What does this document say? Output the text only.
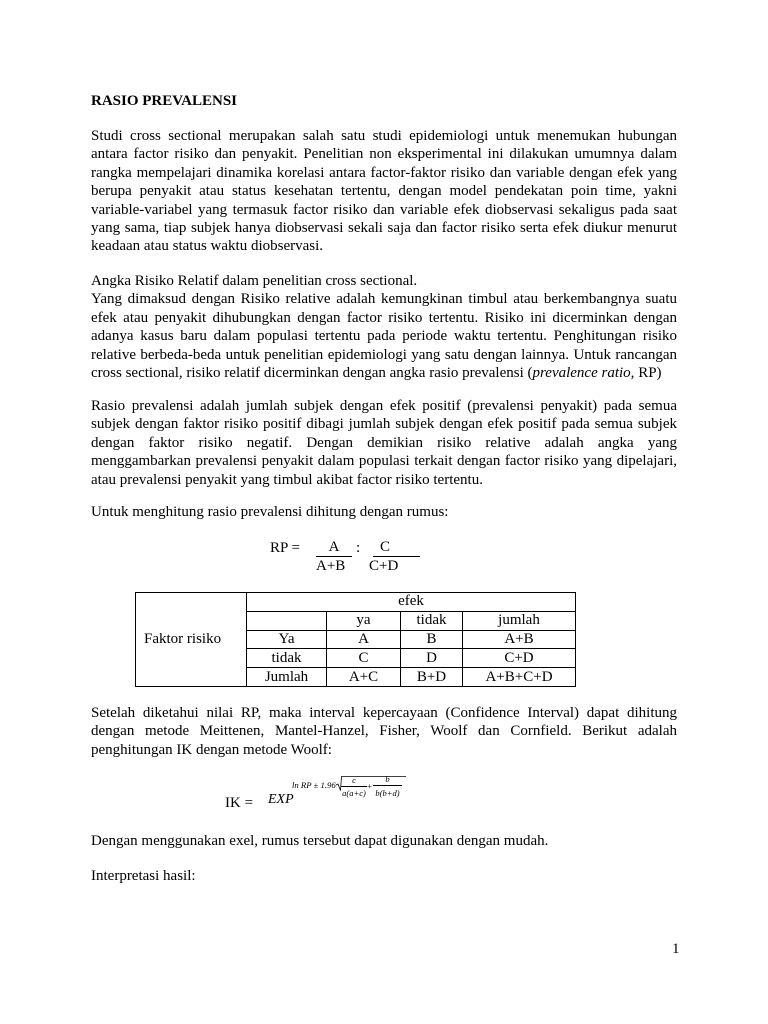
RASIO PREVALENSI
Studi cross sectional merupakan salah satu studi epidemiologi untuk menemukan hubungan
antara factor risiko dan penyakit. Penelitian non eksperimental ini dilakukan umumnya dalam
rangka mempelajari dinamika korelasi antara factor-faktor risiko dan variable dengan efek yang
berupa penyakit atau status kesehatan tertentu, dengan model pendekatan poin time, yakni
variable-variabel yang termasuk factor risiko dan variable efek diobservasi sekaligus pada saat
yang sama, tiap subjek hanya diobservasi sekali saja dan factor risiko serta efek diukur menurut
keadaan atau status waktu diobservasi.
Angka Risiko Relatif dalam penelitian cross sectional.
Yang dimaksud dengan Risiko relative adalah kemungkinan timbul atau berkembangnya suatu
efek atau penyakit dihubungkan dengan factor risiko tertentu. Risiko ini dicerminkan dengan
adanya kasus baru dalam populasi tertentu pada periode waktu tertentu. Penghitungan risiko
relative berbeda-beda untuk penelitian epidemiologi yang satu dengan lainnya. Untuk rancangan
cross sectional, risiko relatif dicerminkan dengan angka rasio prevalensi (prevalence ratio, RP)
Rasio prevalensi adalah jumlah subjek dengan efek positif (prevalensi penyakit) pada semua
subjek dengan faktor risiko positif dibagi jumlah subjek dengan efek positif pada semua subjek
dengan faktor risiko negatif. Dengan demikian risiko relative adalah angka yang
menggambarkan prevalensi penyakit dalam populasi terkait dengan factor risiko yang dipelajari,
atau prevalensi penyakit yang timbul akibat factor risiko tertentu.
Untuk menghitung rasio prevalensi dihitung dengan rumus:
RP =	A	:	C
A+B C+D
Faktor risiko	efek			
		ya	tidak	jumlah
	Ya	A	B	A+B
	tidak	C	D	C+D
	Jumlah	A+C	B+D	A+B+C+D
Setelah diketahui nilai RP, maka interval kepercayaan (Confidence Interval) dapat dihitung
dengan metode Meittenen, Mantel-Hanzel, Fisher, Woolf dan Cornfield. Berikut adalah
penghitungan IK dengan metode Woolf:
IK = EXP
ln RP ± 1.96	c
a(a+c)
+
b
b(b+d)
Dengan menggunakan exel, rumus tersebut dapat digunakan dengan mudah.
Interpretasi hasil:
1
